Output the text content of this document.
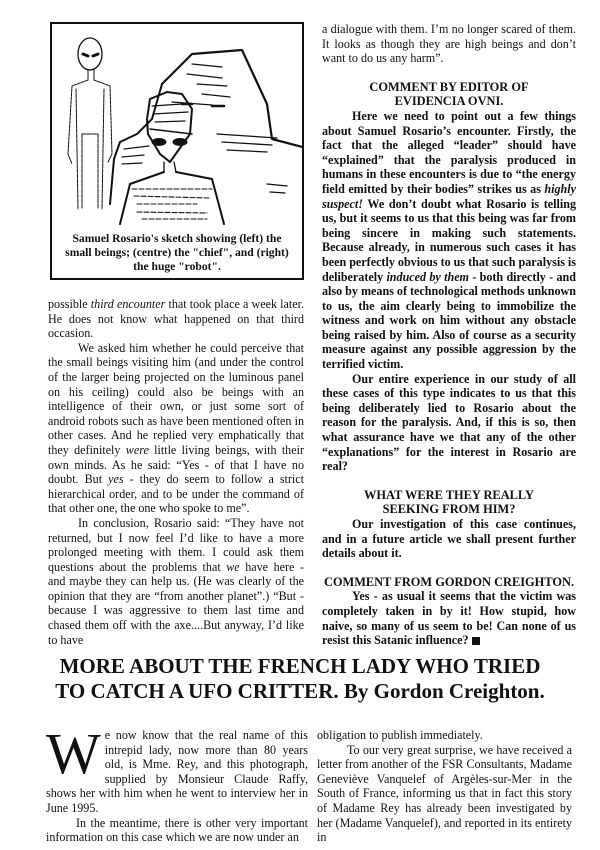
Samuel Rosario's sketch showing (left) the small beings; (centre) the "chief", and (right) the huge "robot".

possible third encounter that took place a week later. He does not know what happened on that third occasion.

We asked him whether he could perceive that the small beings visiting him (and under the control of the larger being projected on the luminous panel on his ceiling) could also be beings with an intelligence of their own, or just some sort of android robots such as have been mentioned often in other cases. And he replied very emphatically that they definitely were little living beings, with their own minds. As he said: “Yes - of that I have no doubt. But yes - they do seem to follow a strict hierarchical order, and to be under the command of that other one, the one who spoke to me”.

In conclusion, Rosario said: “They have not returned, but I now feel I’d like to have a more prolonged meeting with them. I could ask them questions about the problems that we have here - and maybe they can help us. (He was clearly of the opinion that they are “from another planet”.) “But - because I was aggressive to them last time and chased them off with the axe....But anyway, I’d like to have

a dialogue with them. I’m no longer scared of them. It looks as though they are high beings and don’t want to do us any harm”.

COMMENT BY EDITOR OF
EVIDENCIA OVNI.

Here we need to point out a few things about Samuel Rosario’s encounter. Firstly, the fact that the alleged “leader” should have “explained” that the paralysis produced in humans in these encounters is due to “the energy field emitted by their bodies” strikes us as highly suspect! We don’t doubt what Rosario is telling us, but it seems to us that this being was far from being sincere in making such statements. Because already, in numerous such cases it has been perfectly obvious to us that such paralysis is deliberately induced by them - both directly - and also by means of technological methods unknown to us, the aim clearly being to immobilize the witness and work on him without any obstacle being raised by him. Also of course as a security measure against any possible aggression by the terrified victim.

Our entire experience in our study of all these cases of this type indicates to us that this being deliberately lied to Rosario about the reason for the paralysis. And, if this is so, then what assurance have we that any of the other “explanations” for the interest in Rosario are real?

WHAT WERE THEY REALLY
SEEKING FROM HIM?

Our investigation of this case continues, and in a future article we shall present further details about it.

COMMENT FROM GORDON CREIGHTON.

Yes - as usual it seems that the victim was completely taken in by it! How stupid, how naive, so many of us seem to be! Can none of us resist this Satanic influence?

MORE ABOUT THE FRENCH LADY WHO TRIED
TO CATCH A UFO CRITTER. By Gordon Creighton.

We now know that the real name of this intrepid lady, now more than 80 years old, is Mme. Rey, and this photograph, supplied by Monsieur Claude Raffy, shows her with him when he went to interview her in June 1995.

In the meantime, there is other very important information on this case which we are now under an

obligation to publish immediately.

To our very great surprise, we have received a letter from another of the FSR Consultants, Madame Geneviève Vanquelef of Argèles-sur-Mer in the South of France, informing us that in fact this story of Madame Rey has already been investigated by her (Madame Vanquelef), and reported in its entirety in
